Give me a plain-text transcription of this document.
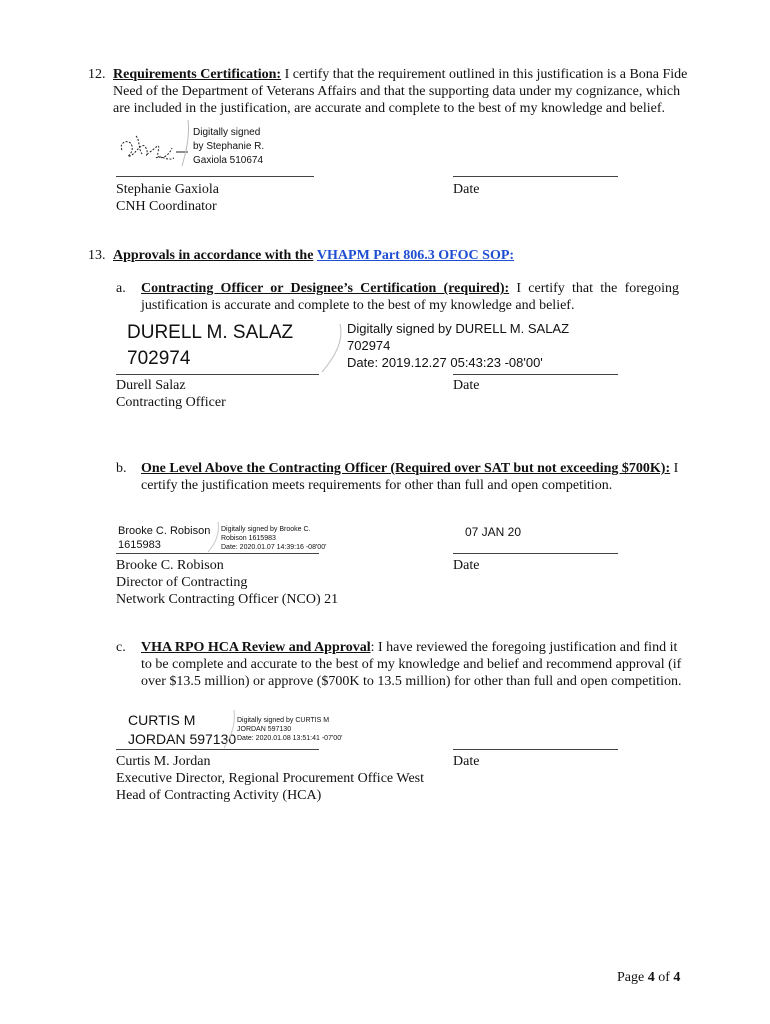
12. Requirements Certification: I certify that the requirement outlined in this justification is a Bona Fide
Need of the Department of Veterans Affairs and that the supporting data under my cognizance, which
are included in the justification, are accurate and complete to the best of my knowledge and belief.
Digitally signed
by Stephanie R.
Gaxiola 510674
Stephanie Gaxiola	Date
CNH Coordinator
13. Approvals in accordance with the VHAPM Part 806.3 OFOC SOP:
a. Contracting Officer or Designee’s Certification (required): I certify that the foregoing
justification is accurate and complete to the best of my knowledge and belief.
DURELL M. SALAZ
702974
Digitally signed by DURELL M. SALAZ
702974
Date: 2019.12.27 05:43:23 -08'00'
Durell Salaz	Date
Contracting Officer
b. One Level Above the Contracting Officer (Required over SAT but not exceeding $700K): I
certify the justification meets requirements for other than full and open competition.
Brooke C. Robison
1615983
Digitally signed by Brooke C.
Robison 1615983
Date: 2020.01.07 14:39:16 -08'00'
07 JAN 20
Brooke C. Robison	Date
Director of Contracting
Network Contracting Officer (NCO) 21
c. VHA RPO HCA Review and Approval: I have reviewed the foregoing justification and find it
to be complete and accurate to the best of my knowledge and belief and recommend approval (if
over $13.5 million) or approve ($700K to 13.5 million) for other than full and open competition.
CURTIS M
JORDAN 597130
Digitally signed by CURTIS M
JORDAN 597130
Date: 2020.01.08 13:51:41 -07'00'
Curtis M. Jordan	Date
Executive Director, Regional Procurement Office West
Head of Contracting Activity (HCA)
Page 4 of 4
